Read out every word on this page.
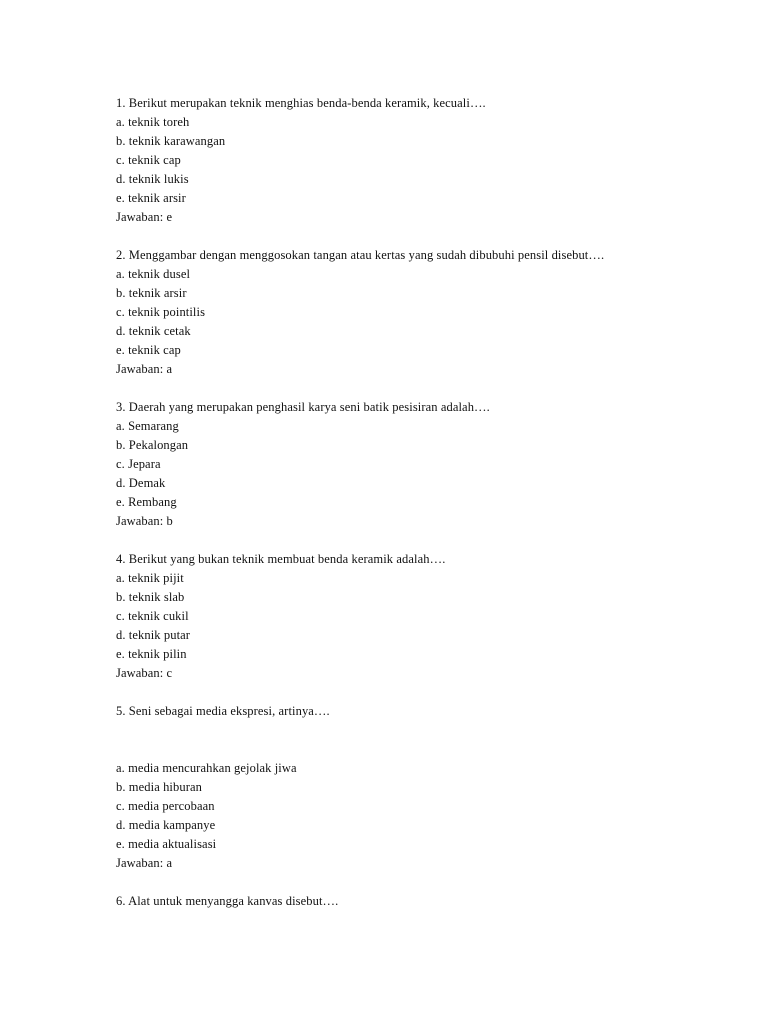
1. Berikut merupakan teknik menghias benda-benda keramik, kecuali….
a. teknik toreh
b. teknik karawangan
c. teknik cap
d. teknik lukis
e. teknik arsir
Jawaban: e
2. Menggambar dengan menggosokan tangan atau kertas yang sudah dibubuhi pensil disebut….
a. teknik dusel
b. teknik arsir
c. teknik pointilis
d. teknik cetak
e. teknik cap
Jawaban: a
3. Daerah yang merupakan penghasil karya seni batik pesisiran adalah….
a. Semarang
b. Pekalongan
c. Jepara
d. Demak
e. Rembang
Jawaban: b
4. Berikut yang bukan teknik membuat benda keramik adalah….
a. teknik pijit
b. teknik slab
c. teknik cukil
d. teknik putar
e. teknik pilin
Jawaban: c
5. Seni sebagai media ekspresi, artinya….
a. media mencurahkan gejolak jiwa
b. media hiburan
c. media percobaan
d. media kampanye
e. media aktualisasi
Jawaban: a
6. Alat untuk menyangga kanvas disebut….
